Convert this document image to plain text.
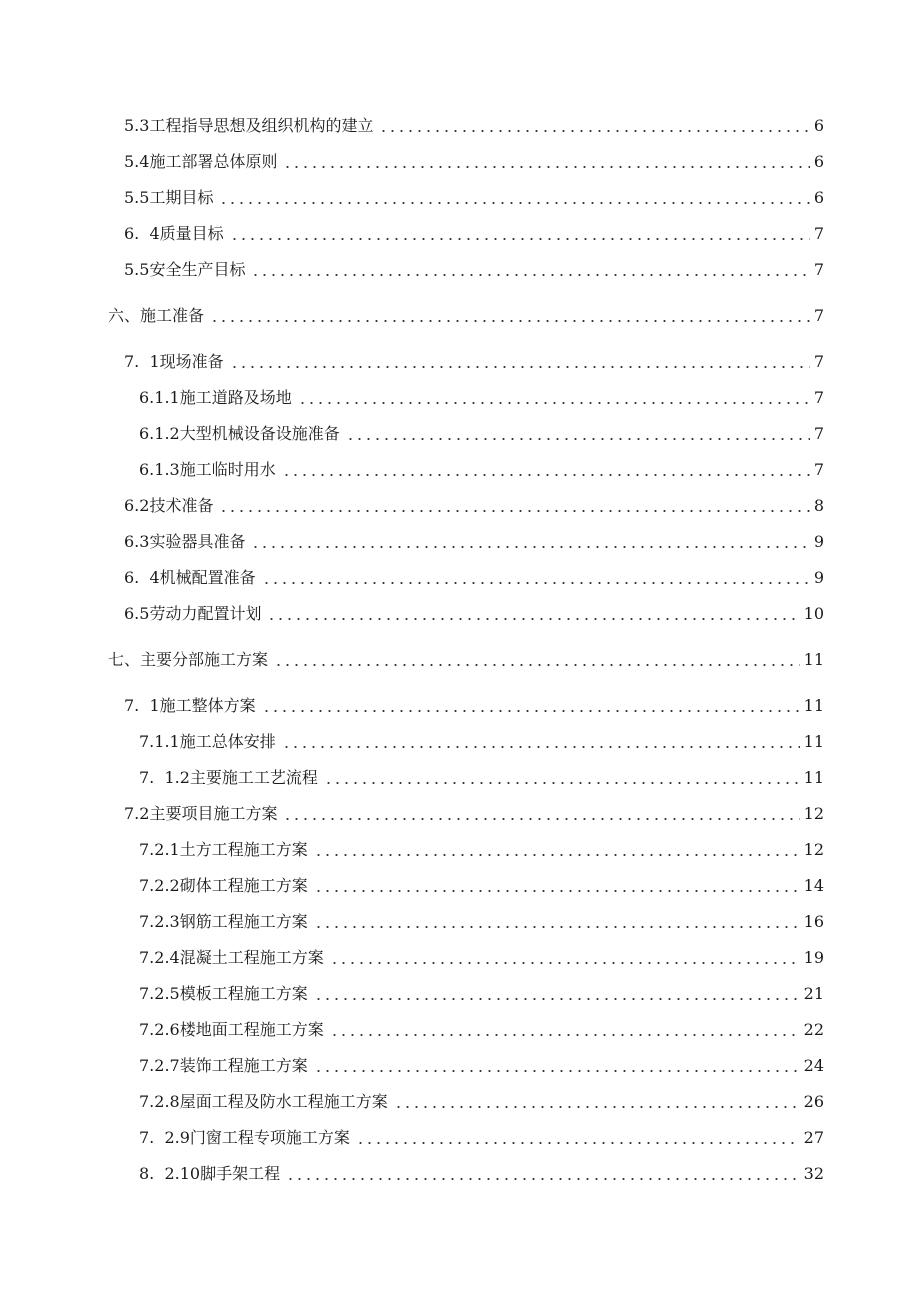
5.3 工程指导思想及组织机构的建立	6
5.4 施工部署总体原则	6
5.5 工期目标	6
6.  4 质量目标	7
5.5 安全生产目标	7
六、 施工准备	7
7.  1 现场准备	7
6.1.1 施工道路及场地	7
6.1.2 大型机械设备设施准备	7
6.1.3 施工临时用水	7
6.2 技术准备	8
6.3 实验器具准备	9
6.  4 机械配置准备	9
6.5 劳动力配置计划	10
七、 主要分部施工方案	11
7.  1 施工整体方案	11
7.1.1 施工总体安排	11
7.  1.2 主要施工工艺流程	11
7.2 主要项目施工方案	12
7.2.1 土方工程施工方案	12
7.2.2 砌体工程施工方案	14
7.2.3 钢筋工程施工方案	16
7.2.4 混凝土工程施工方案	19
7.2.5 模板工程施工方案	21
7.2.6 楼地面工程施工方案	22
7.2.7 装饰工程施工方案	24
7.2.8 屋面工程及防水工程施工方案	26
7.  2.9 门窗工程专项施工方案	27
8.  2.10 脚手架工程	32
